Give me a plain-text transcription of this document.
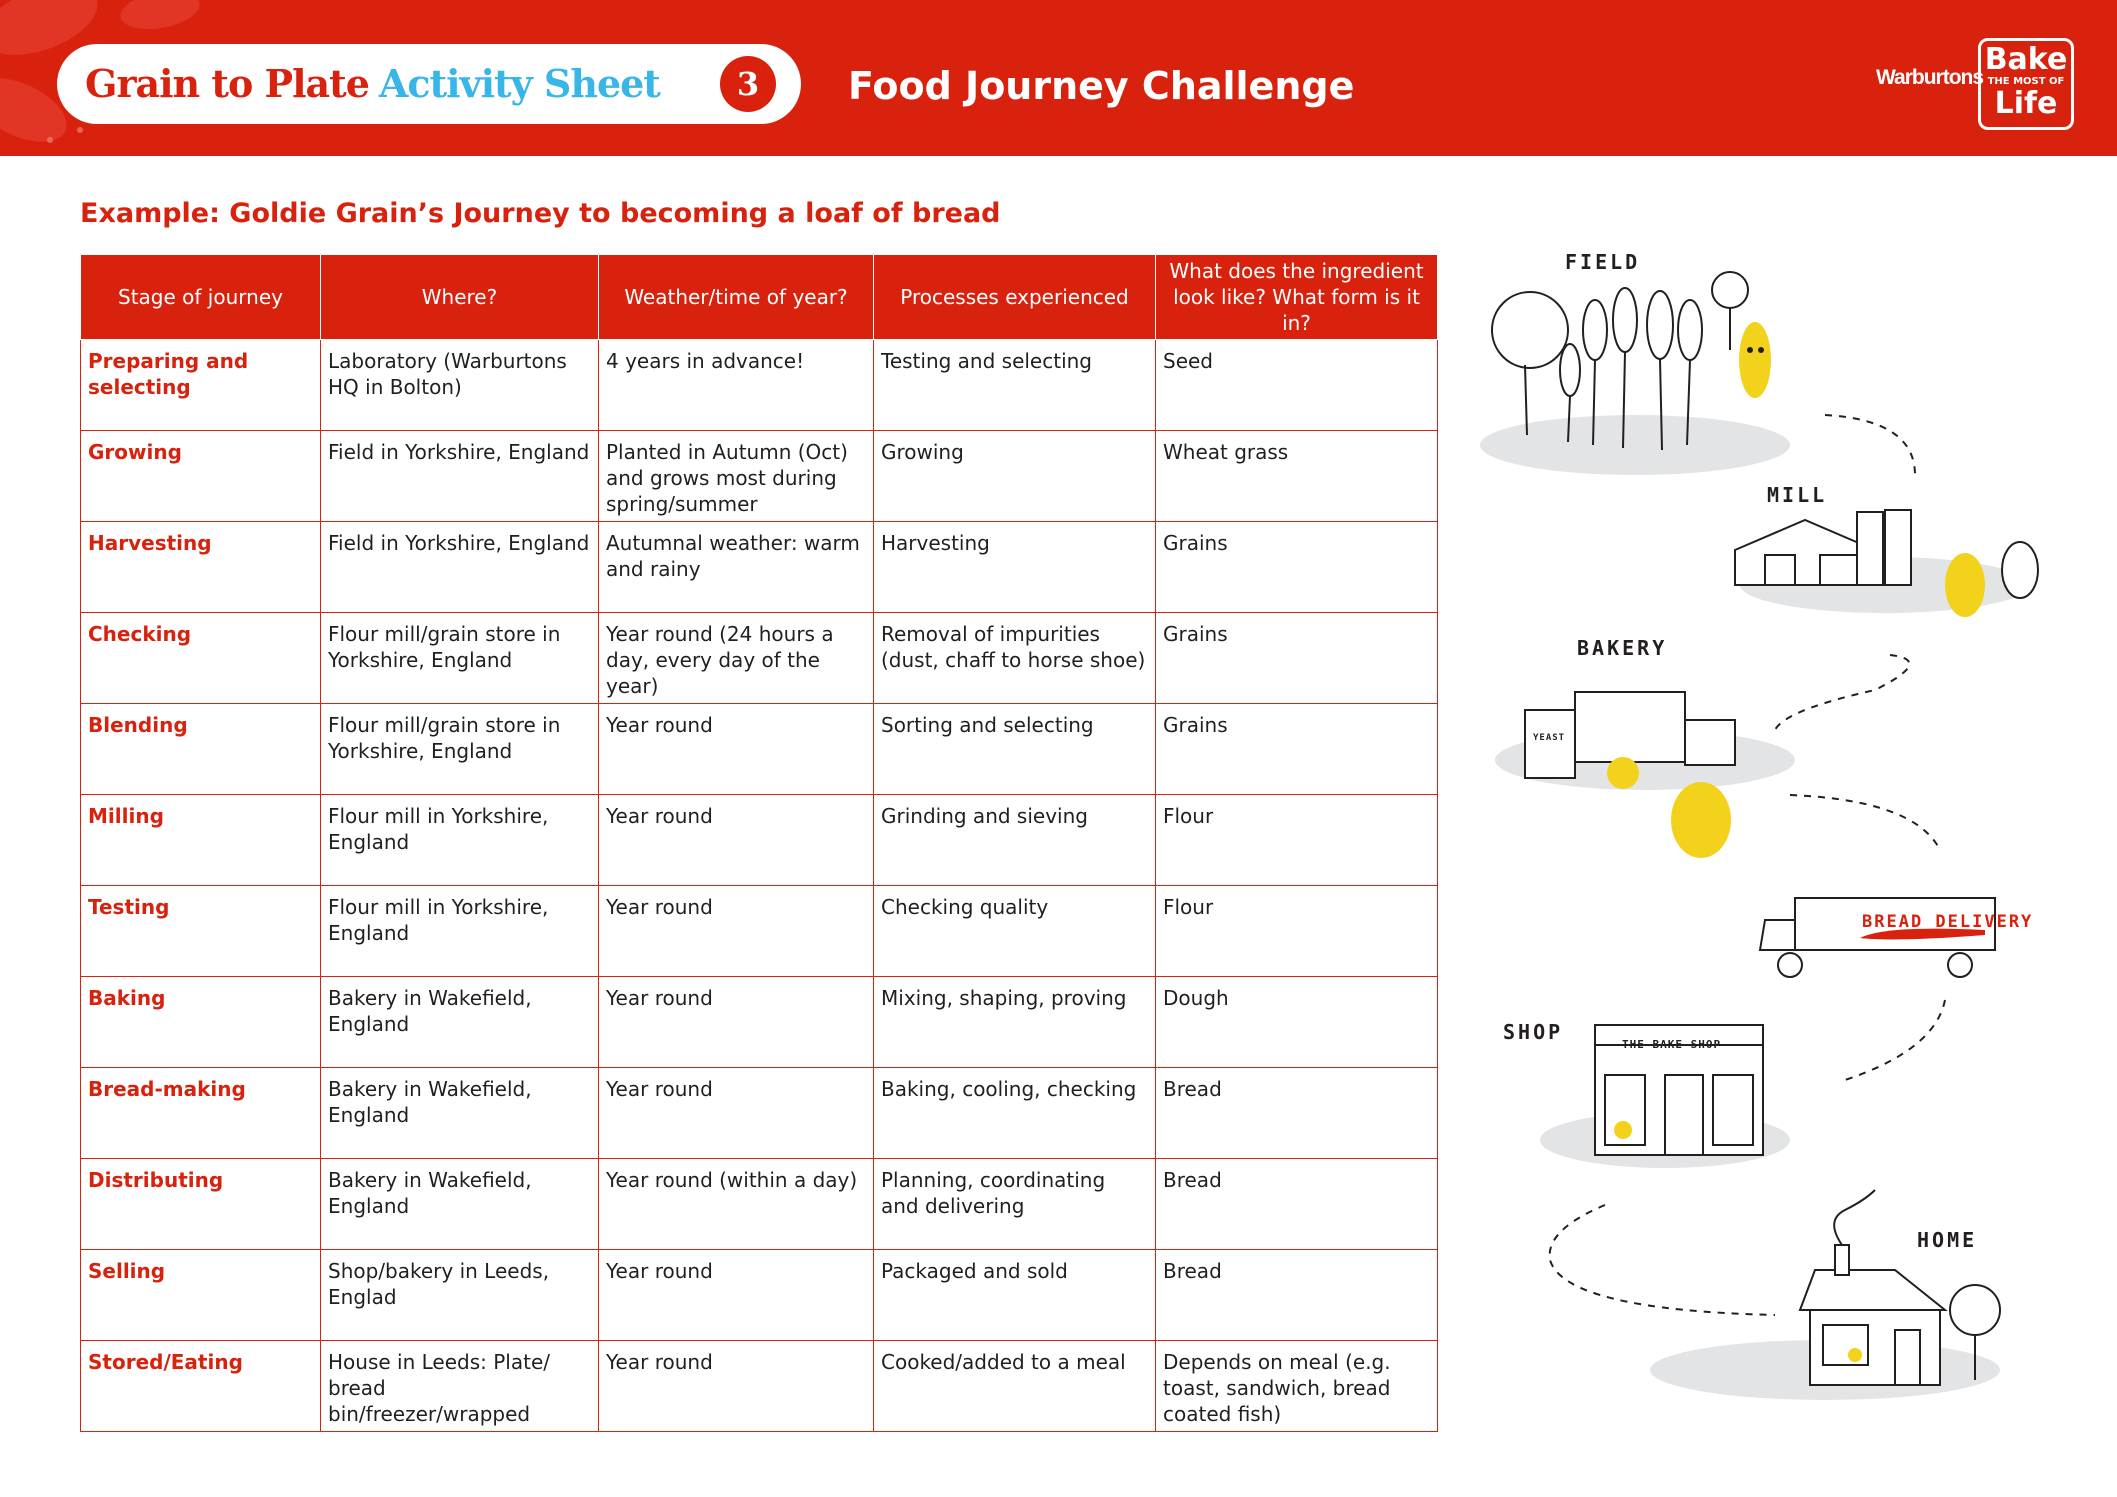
Grain to Plate Activity Sheet	3	Food Journey Challenge	Warburtons
Bake
THE MOST OF
Life
Example: Goldie Grain’s Journey to becoming a loaf of bread
Stage of journey	Where?	Weather/time of year?	Processes experienced	What does the ingredient look like? What form is it in?
Preparing and selecting	Laboratory (Warburtons HQ in Bolton)	4 years in advance!	Testing and selecting	Seed
Growing	Field in Yorkshire, England	Planted in Autumn (Oct) and grows most during spring/summer	Growing	Wheat grass
Harvesting	Field in Yorkshire, England	Autumnal weather: warm and rainy	Harvesting	Grains
Checking	Flour mill/grain store in Yorkshire, England	Year round (24 hours a day, every day of the year)	Removal of impurities (dust, chaff to horse shoe)	Grains
Blending	Flour mill/grain store in Yorkshire, England	Year round	Sorting and selecting	Grains
Milling	Flour mill in Yorkshire, England	Year round	Grinding and sieving	Flour
Testing	Flour mill in Yorkshire, England	Year round	Checking quality	Flour
Baking	Bakery in Wakefield, England	Year round	Mixing, shaping, proving	Dough
Bread-making	Bakery in Wakefield, England	Year round	Baking, cooling, checking	Bread
Distributing	Bakery in Wakefield, England	Year round (within a day)	Planning, coordinating and delivering	Bread
Selling	Shop/bakery in Leeds, Englad	Year round	Packaged and sold	Bread
Stored/Eating	House in Leeds: Plate/ bread bin/freezer/wrapped	Year round	Cooked/added to a meal	Depends on meal (e.g. toast, sandwich, bread coated fish)
FIELD
MILL
BAKERY
YEAST
BREAD DELIVERY
SHOP
THE BAKE SHOP
HOME
